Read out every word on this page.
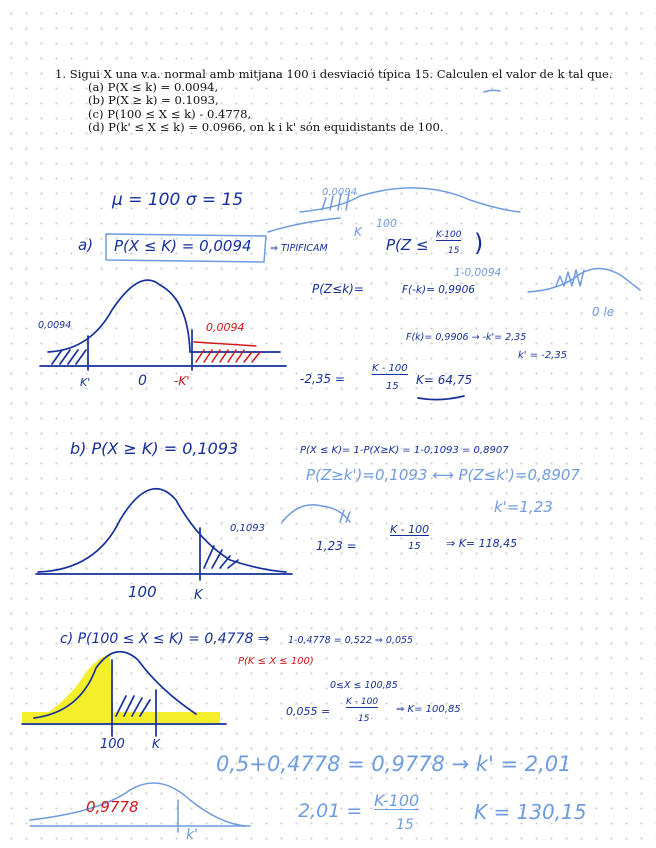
1. Sigui X una v.a. normal amb mitjana 100 i desviació típica 15. Calculen el valor de k tal que.

(a) P(X ≤ k) = 0.0094,
(b) P(X ≥ k) = 0.1093,
(c) P(100 ≤ X ≤ k) - 0.4778,
(d) P(k' ≤ X ≤ k) = 0.0966, on k i k' són equidistants de 100.
μ = 100 σ = 15
a) P(X ≤ K) = 0,0094 ⇒ TIPIFICAM	P(Z ≤
K-100
15 )
0,0094
K
100
1-0,0094
P(Z≤k)=	F(-k)= 0,9906
0 le
0,0094	0,0094
K'	0 -K'
F(k)= 0,9906 → -k'= 2,35
k' = -2,35
-2,35 =
K - 100
15 K= 64,75
b) P(X ≥ K) = 0,1093	P(X ≤ K)= 1-P(X≥K) = 1-0,1093 = 0,8907
P(Z≥k')=0,1093 ⟷ P(Z≤k')=0,8907
k'=1,23
0,1093
1,23 =
K - 100
15 ⇒ K= 118,45
100	K
c) P(100 ≤ X ≤ K) = 0,4778 ⇒ 1-0,4778 = 0,522 ⇒ 0,055
P(K ≤ X ≤ 100)
0≤X ≤ 100,85
0,055 =
K - 100
15
⇒ K= 100,85
100 K
0,5+0,4778 = 0,9778 → k' = 2,01
0,9778	2,01 = K-100
15
K = 130,15
k'
